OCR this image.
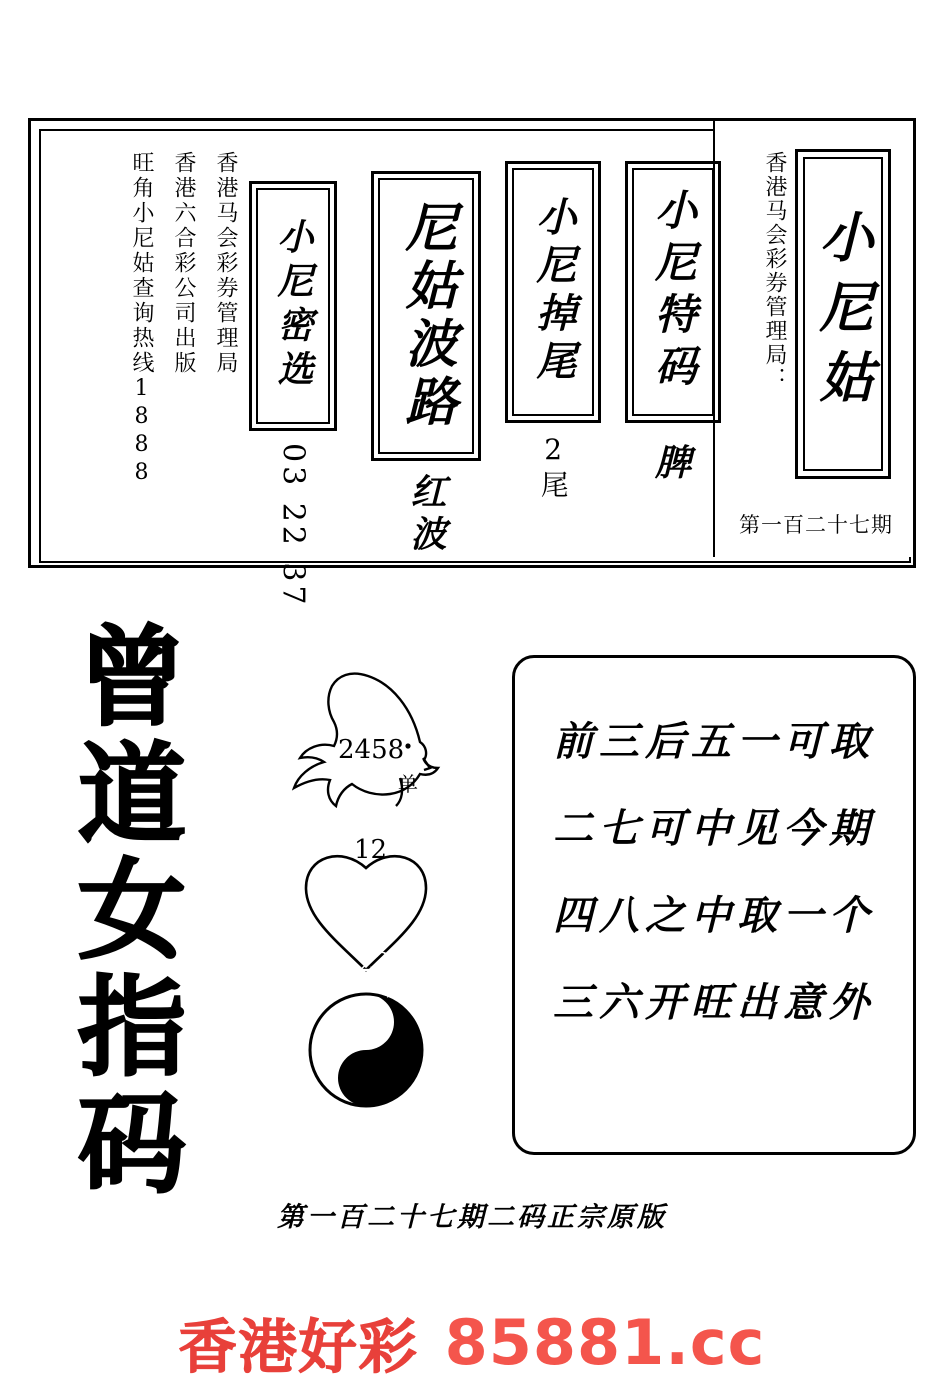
小尼姑
香港马会彩券管理局：
第一百二十七期
小尼特码
脾
小尼掉尾
2尾
尼姑波路
红波
小尼密选
03 22 37
香港马会彩券管理局
香港六合彩公司出版
旺角小尼姑查询热线1888
曾
道
女
指
码
2458
单
12
22
合
前三后五一可取
二七可中见今期
四八之中取一个
三六开旺出意外
第一百二十七期二码正宗原版
香港好彩 85881.cc
